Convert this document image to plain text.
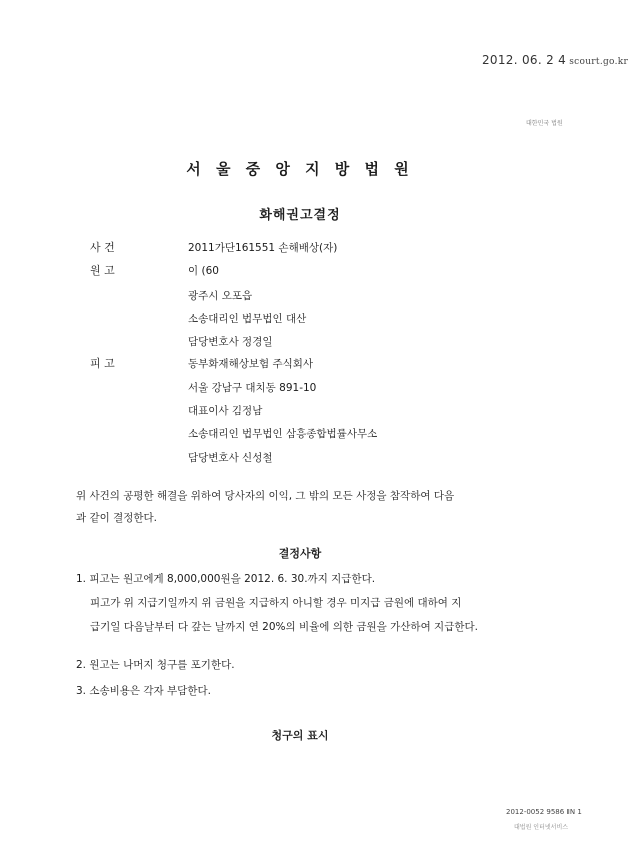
2012. 06. 2 4 scourt.go.kr
대한민국 법원
서 울 중 앙 지 방 법 원
화해권고결정
사 건	2011가단161551 손해배상(자)
원 고	이 (60
광주시 오포읍
소송대리인 법무법인 대산
담당변호사 정경일
피 고	동부화재해상보험 주식회사
서울 강남구 대치동 891-10
대표이사 김정남
소송대리인 법무법인 삼흥종합법률사무소
담당변호사 신성철
위 사건의 공평한 해결을 위하여 당사자의 이익, 그 밖의 모든 사정을 참작하여 다음
과 같이 결정한다.
결정사항
1. 피고는 원고에게 8,000,000원을 2012. 6. 30.까지 지급한다.
피고가 위 지급기일까지 위 금원을 지급하지 아니할 경우 미지급 금원에 대하여 지
급기일 다음날부터 다 갚는 날까지 연 20%의 비율에 의한 금원을 가산하여 지급한다.
2. 원고는 나머지 청구를 포기한다.
3. 소송비용은 각자 부담한다.
청구의 표시
2012-0052 9586 ⅡN 1
대법원 인터넷서비스
